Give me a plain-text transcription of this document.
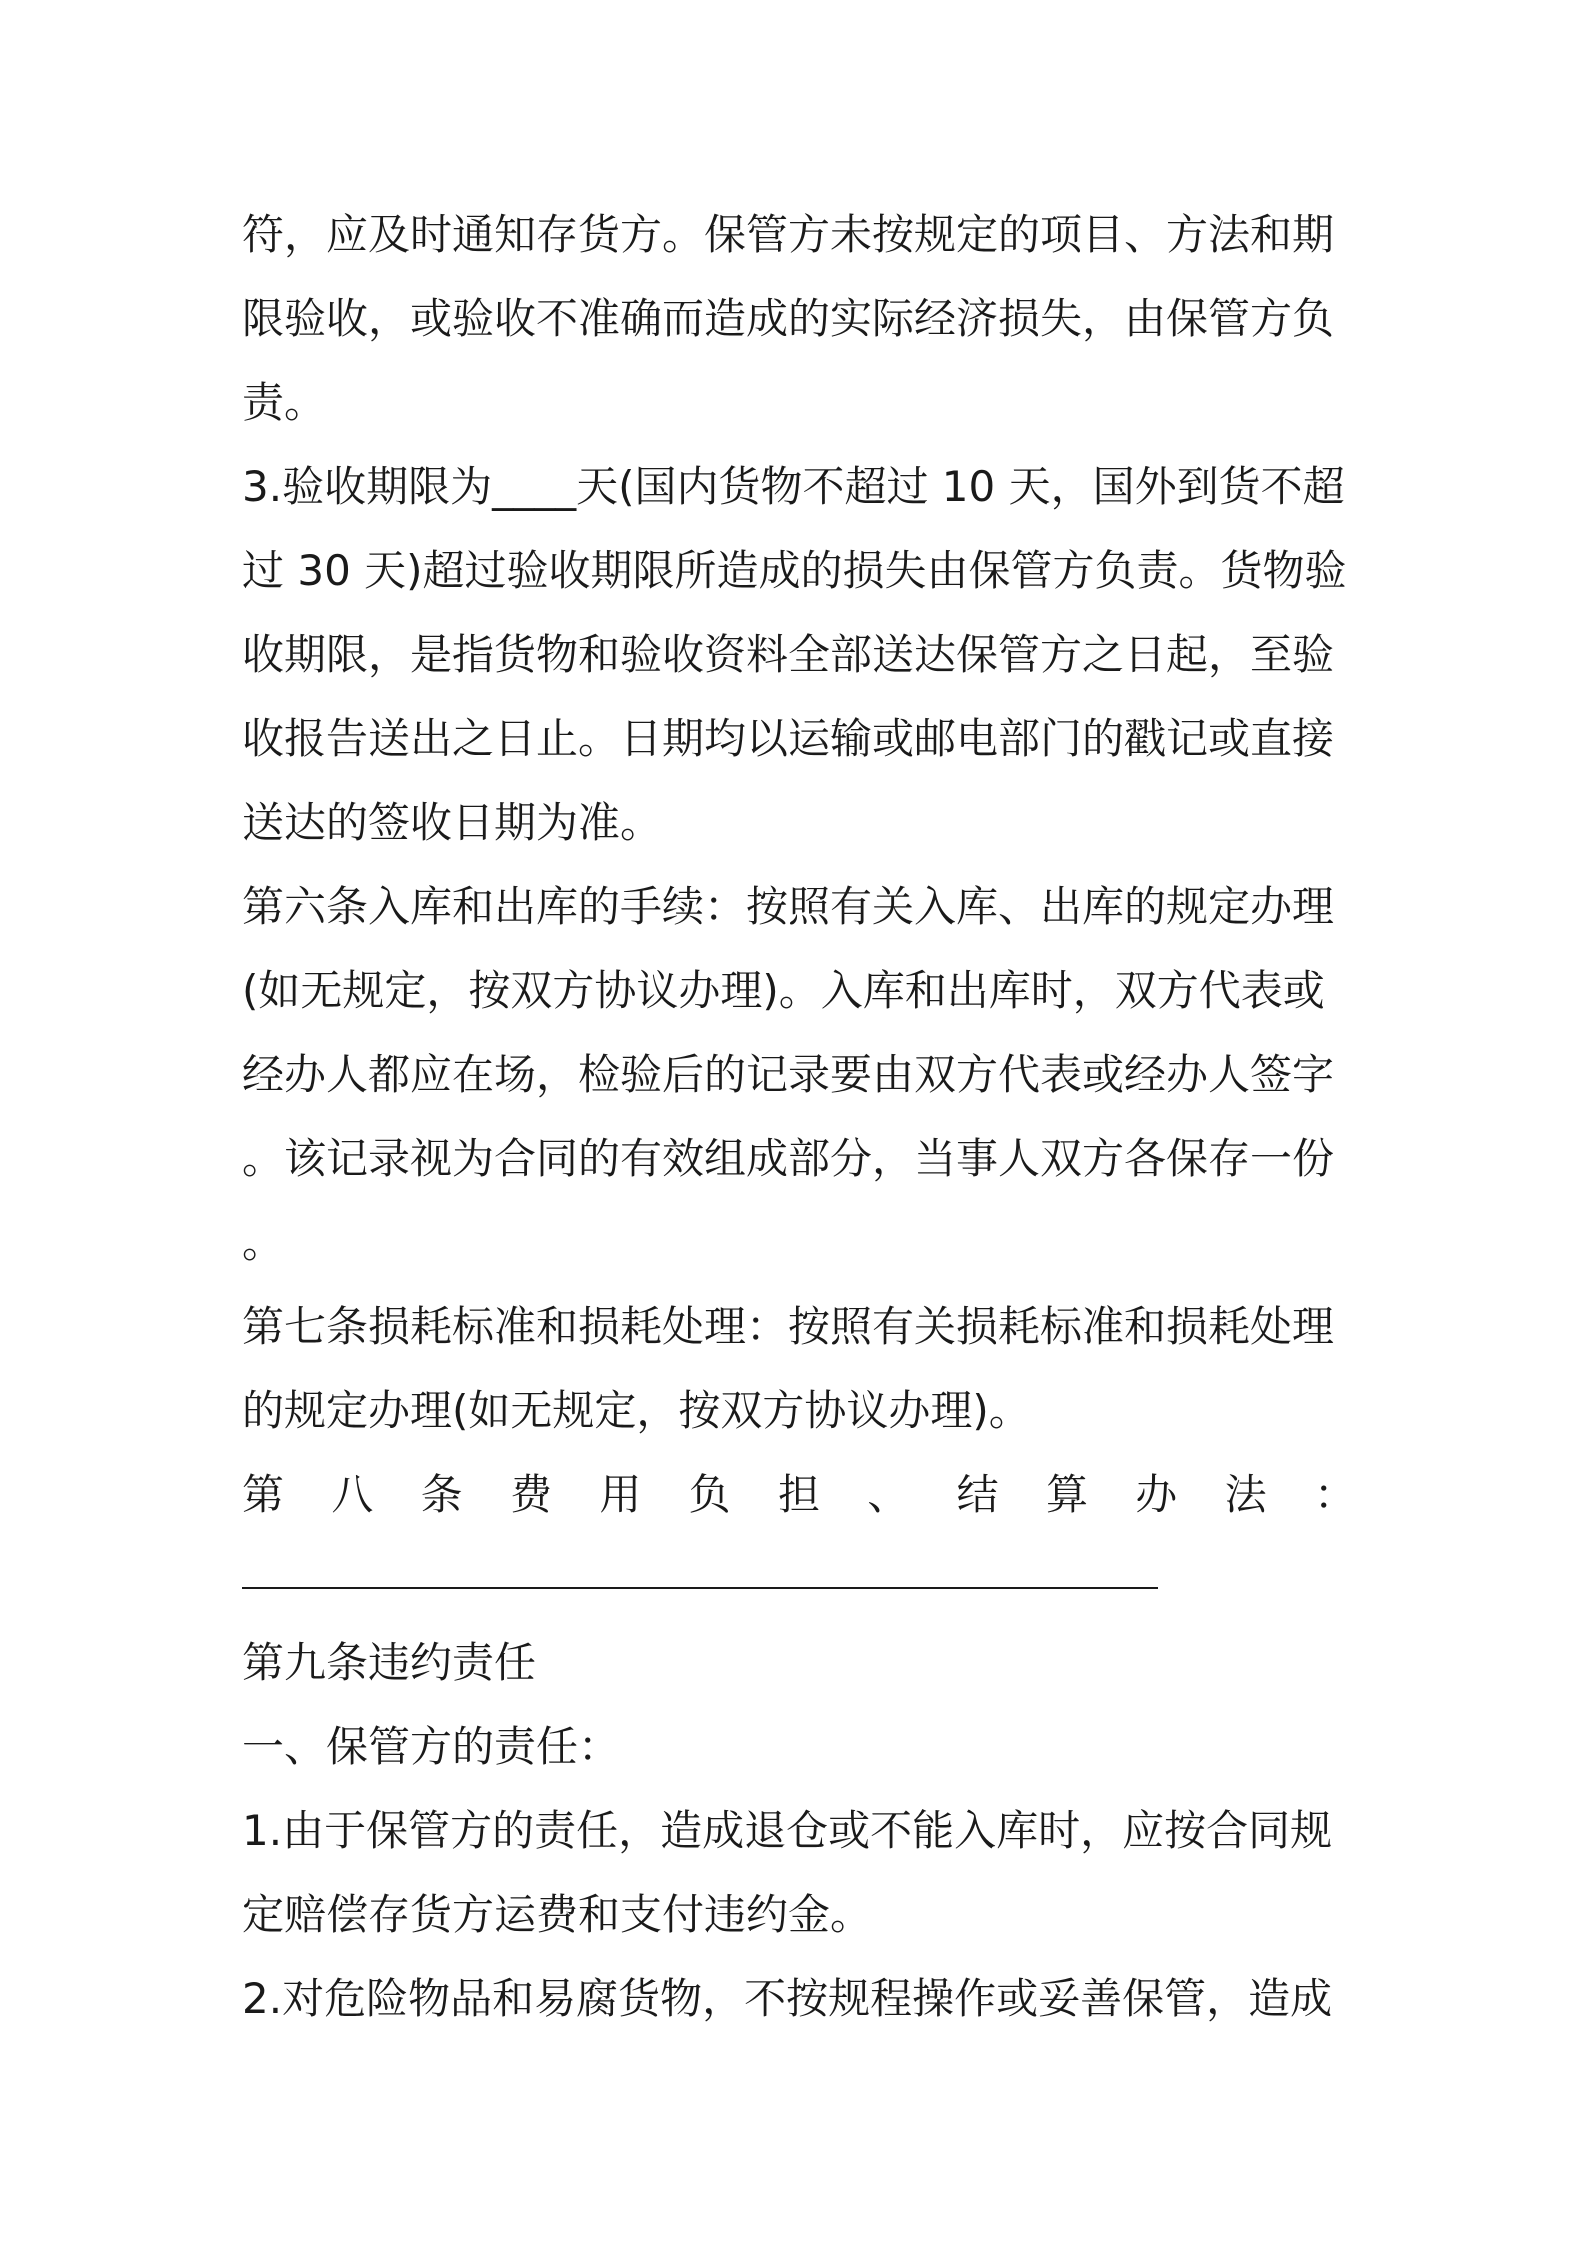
符，应及时通知存货方。保管方未按规定的项目、方法和期
限验收，或验收不准确而造成的实际经济损失，由保管方负
责。
3.验收期限为____天(国内货物不超过 10 天，国外到货不超
过 30 天)超过验收期限所造成的损失由保管方负责。货物验
收期限，是指货物和验收资料全部送达保管方之日起，至验
收报告送出之日止。日期均以运输或邮电部门的戳记或直接
送达的签收日期为准。
第六条入库和出库的手续：按照有关入库、出库的规定办理
(如无规定，按双方协议办理)。入库和出库时，双方代表或
经办人都应在场，检验后的记录要由双方代表或经办人签字
。该记录视为合同的有效组成部分，当事人双方各保存一份
。
第七条损耗标准和损耗处理：按照有关损耗标准和损耗处理
的规定办理(如无规定，按双方协议办理)。
第 八 条 费 用 负 担 、 结 算 办 法 ：
第九条违约责任
一、保管方的责任：
1.由于保管方的责任，造成退仓或不能入库时，应按合同规
定赔偿存货方运费和支付违约金。
2.对危险物品和易腐货物，不按规程操作或妥善保管，造成
